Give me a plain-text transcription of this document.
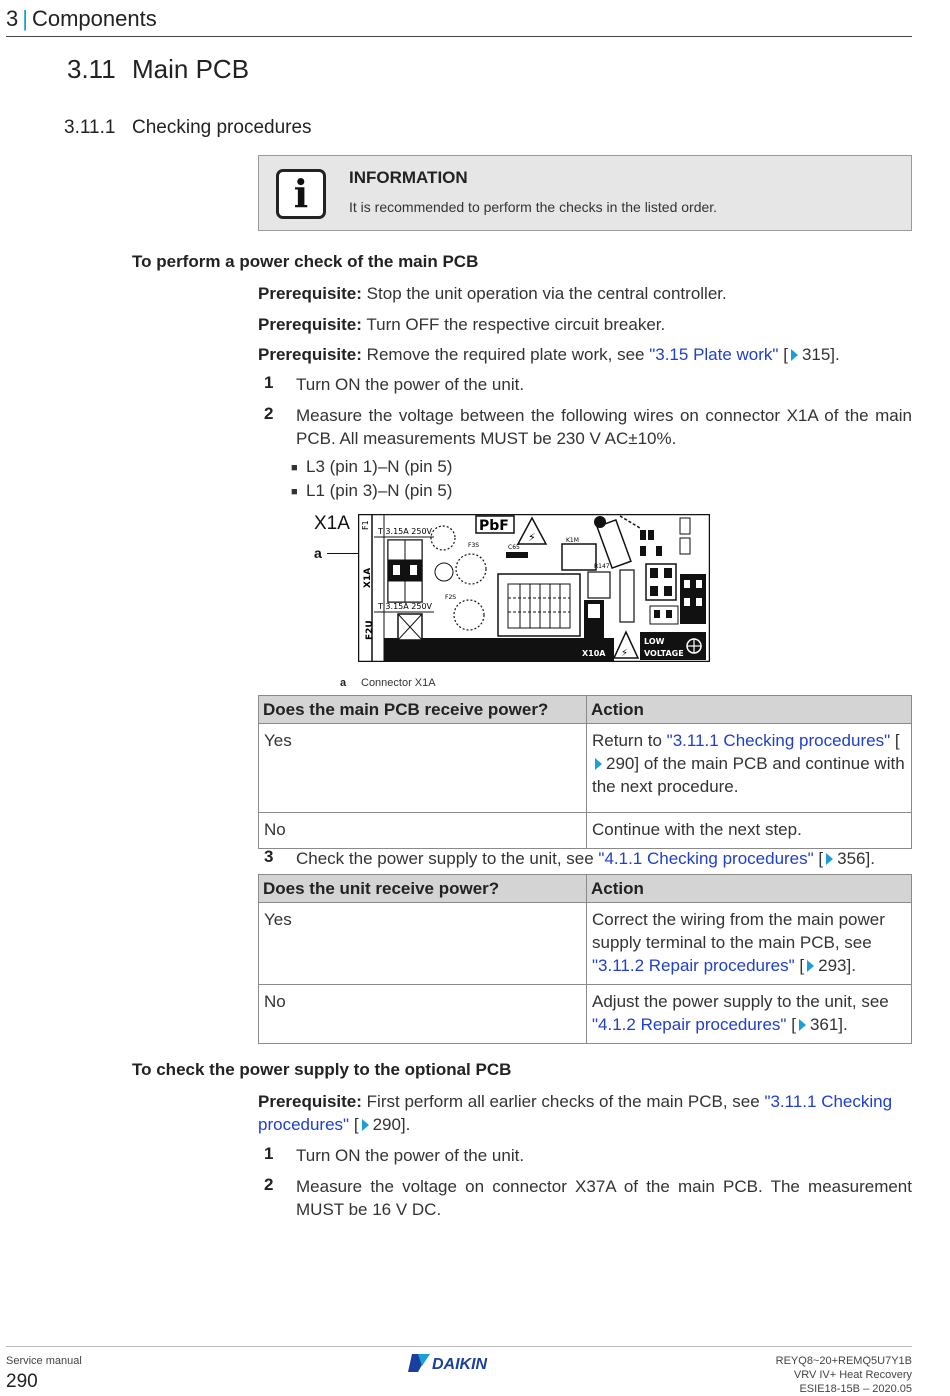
3 | Components
3.11 Main PCB
3.11.1 Checking procedures
i	INFORMATION
It is recommended to perform the checks in the listed order.
To perform a power check of the main PCB
Prerequisite: Stop the unit operation via the central controller.
Prerequisite: Turn OFF the respective circuit breaker.
Prerequisite: Remove the required plate work, see "3.15 Plate work" [ 315].
1 Turn ON the power of the unit.
2 Measure the voltage between the following wires on connector X1A of the main PCB. All measurements MUST be 230 V AC±10%.
■ L3 (pin 1)–N (pin 5)
■ L1 (pin 3)–N (pin 5)
X1A
a
F1
X1A
F2U
T 3.15A 250V
T 3.15A 250V
F3S
F2S
PbF
C65
⚡	K1M
R147
X10A ⚡
LOW
VOLTAGE
a Connector X1A
Does the main PCB receive power?	Action
Yes	Return to "3.11.1 Checking procedures" [290] of the main PCB and continue with the next procedure.
No	Continue with the next step.
3 Check the power supply to the unit, see "4.1.1 Checking procedures" [ 356].
Does the unit receive power?	Action
Yes	Correct the wiring from the main power supply terminal to the main PCB, see "3.11.2 Repair procedures" [ 293].
No	Adjust the power supply to the unit, see "4.1.2 Repair procedures" [ 361].
To check the power supply to the optional PCB
Prerequisite: First perform all earlier checks of the main PCB, see "3.11.1 Checking procedures" [ 290].
1 Turn ON the power of the unit.
2 Measure the voltage on connector X37A of the main PCB. The measurement MUST be 16 V DC.
Service manual
290
DAIKIN	REYQ8~20+REMQ5U7Y1B
VRV IV+ Heat Recovery
ESIE18-15B – 2020.05
